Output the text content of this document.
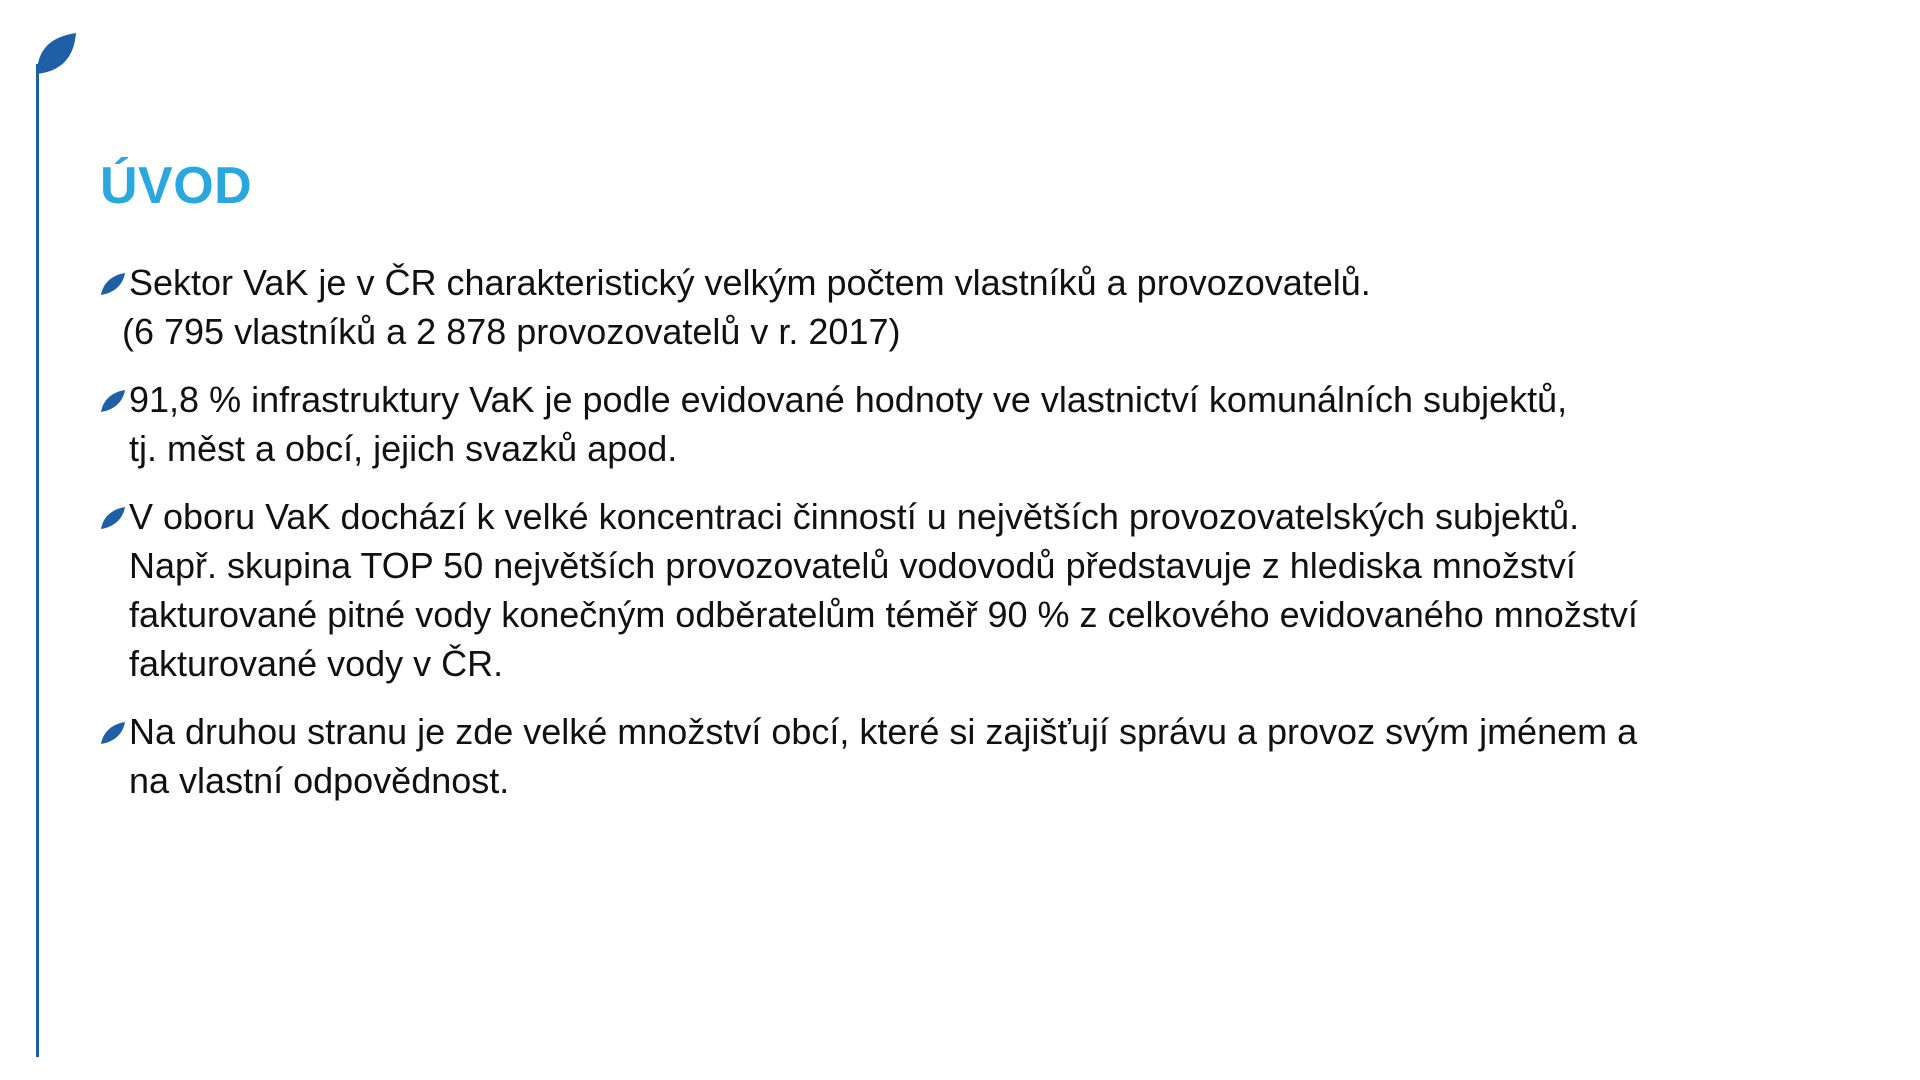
ÚVOD
Sektor VaK je v ČR charakteristický velkým počtem vlastníků a provozovatelů.
(6 795 vlastníků a 2 878 provozovatelů v r. 2017)
91,8 % infrastruktury VaK je podle evidované hodnoty ve vlastnictví komunálních subjektů,
tj. měst a obcí, jejich svazků apod.
V oboru VaK dochází k velké koncentraci činností u největších provozovatelských subjektů.
Např. skupina TOP 50 největších provozovatelů vodovodů představuje z hlediska množství
fakturované pitné vody konečným odběratelům téměř 90 % z celkového evidovaného množství
fakturované vody v ČR.
Na druhou stranu je zde velké množství obcí, které si zajišťují správu a provoz svým jménem a
na vlastní odpovědnost.
